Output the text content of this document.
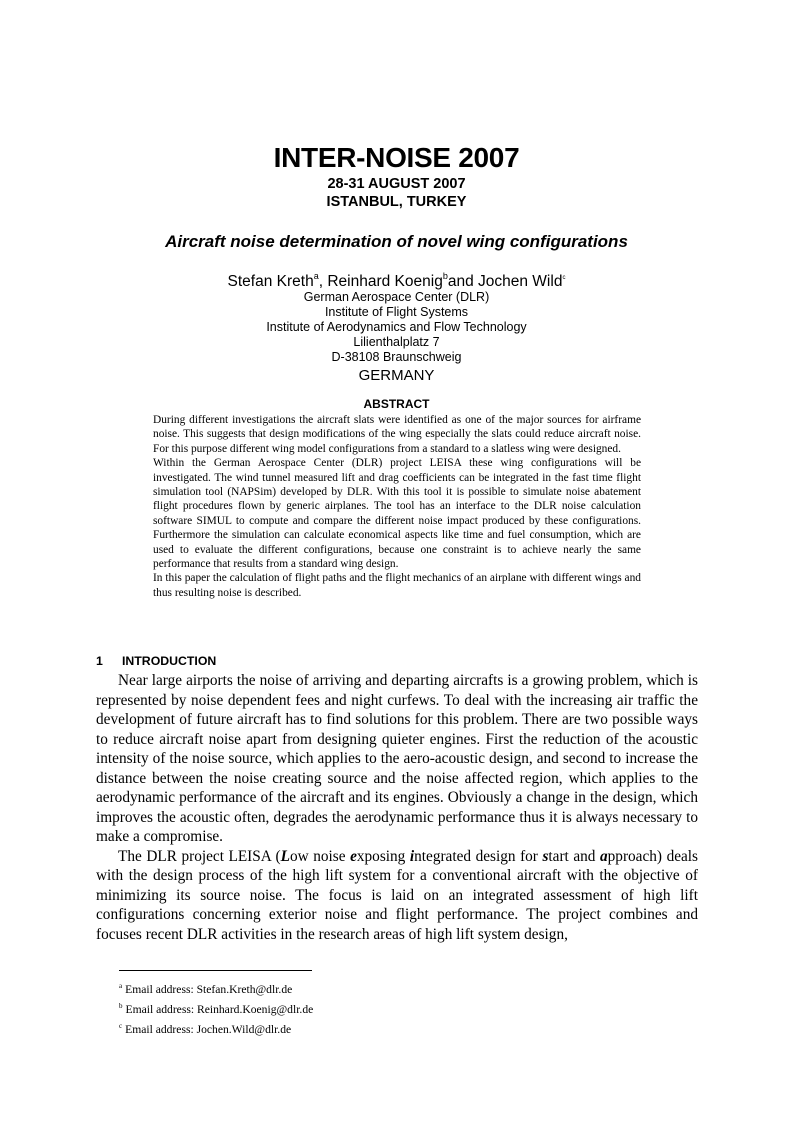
INTER-NOISE 2007
28-31 AUGUST 2007
ISTANBUL, TURKEY
Aircraft noise determination of novel wing configurations
Stefan Kreth$^a$, Reinhard Koenig$^b$and Jochen Wild$^c$
German Aerospace Center (DLR)
Institute of Flight Systems
Institute of Aerodynamics and Flow Technology
Lilienthalplatz 7
D-38108 Braunschweig
GERMANY
ABSTRACT

During different investigations the aircraft slats were identified as one of the major sources for airframe noise. This suggests that design modifications of the wing especially the slats could reduce aircraft noise. For this purpose different wing model configurations from a standard to a slatless wing were designed.

Within the German Aerospace Center (DLR) project LEISA these wing configurations will be investigated. The wind tunnel measured lift and drag coefficients can be integrated in the fast time flight simulation tool (NAPSim) developed by DLR. With this tool it is possible to simulate noise abatement flight procedures flown by generic airplanes. The tool has an interface to the DLR noise calculation software SIMUL to compute and compare the different noise impact produced by these configurations. Furthermore the simulation can calculate economical aspects like time and fuel consumption, which are used to evaluate the different configurations, because one constraint is to achieve nearly the same performance that results from a standard wing design.

In this paper the calculation of flight paths and the flight mechanics of an airplane with different wings and thus resulting noise is described.

1 INTRODUCTION

Near large airports the noise of arriving and departing aircrafts is a growing problem, which is represented by noise dependent fees and night curfews. To deal with the increasing air traffic the development of future aircraft has to find solutions for this problem. There are two possible ways to reduce aircraft noise apart from designing quieter engines. First the reduction of the acoustic intensity of the noise source, which applies to the aero-acoustic design, and second to increase the distance between the noise creating source and the noise affected region, which applies to the aerodynamic performance of the aircraft and its engines. Obviously a change in the design, which improves the acoustic often, degrades the aerodynamic performance thus it is always necessary to make a compromise.

The DLR project LEISA (Low noise exposing integrated design for start and approach) deals with the design process of the high lift system for a conventional aircraft with the objective of minimizing its source noise. The focus is laid on an integrated assessment of high lift configurations concerning exterior noise and flight performance. The project combines and focuses recent DLR activities in the research areas of high lift system design,

$^a$ Email address: Stefan.Kreth@dlr.de
$^b$ Email address: Reinhard.Koenig@dlr.de
$^c$ Email address: Jochen.Wild@dlr.de
